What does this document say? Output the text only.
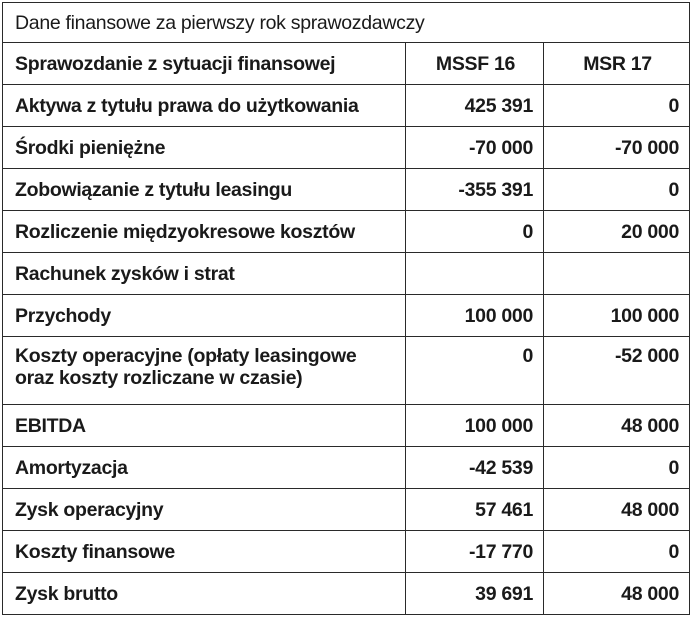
Dane finansowe za pierwszy rok sprawozdawczy		
Sprawozdanie z sytuacji finansowej	MSSF 16	MSR 17
Aktywa z tytułu prawa do użytkowania	425 391	0
Środki pieniężne	-70 000	-70 000
Zobowiązanie z tytułu leasingu	-355 391	0
Rozliczenie międzyokresowe kosztów	0	20 000
Rachunek zysków i strat		
Przychody	100 000	100 000
Koszty operacyjne (opłaty leasingowe oraz koszty rozliczane w czasie)	0	-52 000
EBITDA	100 000	48 000
Amortyzacja	-42 539	0
Zysk operacyjny	57 461	48 000
Koszty finansowe	-17 770	0
Zysk brutto	39 691	48 000
